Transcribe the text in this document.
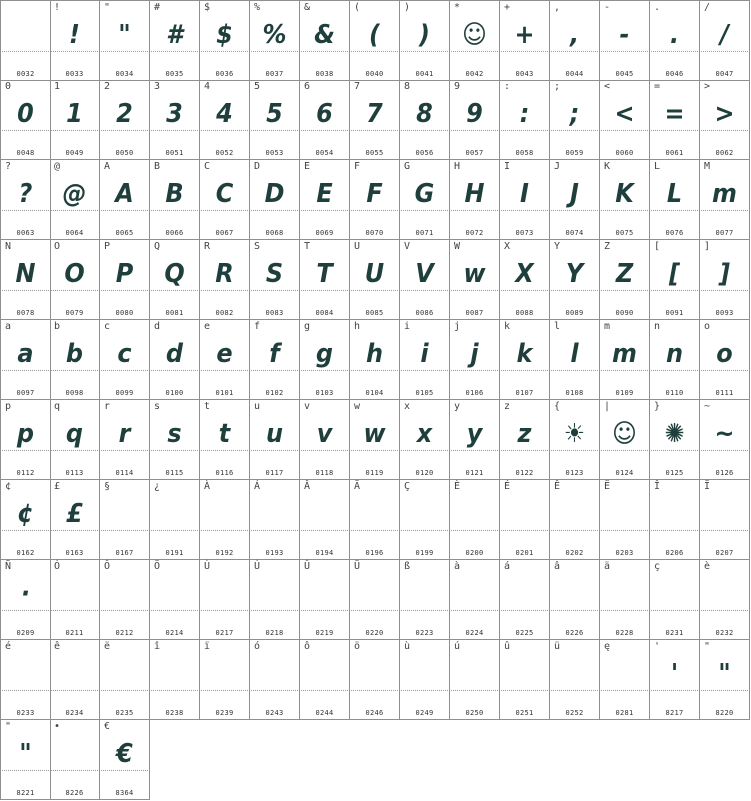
0032
!
!
0033
"
"
0034
#
#
0035
$
$
0036
%
%
0037
&
&
0038
(
(
0040
)
)
0041
*
☺
0042
+
+
0043
,
,
0044
-
-
0045
.
.
0046
/
/
0047
0
0
0048
1
1
0049
2
2
0050
3
3
0051
4
4
0052
5
5
0053
6
6
0054
7
7
0055
8
8
0056
9
9
0057
:
:
0058
;
;
0059
<
<
0060
=
=
0061
>
>
0062
?
?
0063
@
@
0064
A
A
0065
B
B
0066
C
C
0067
D
D
0068
E
E
0069
F
F
0070
G
G
0071
H
H
0072
I
I
0073
J
J
0074
K
K
0075
L
L
0076
M
m
0077
N
N
0078
O
O
0079
P
P
0080
Q
Q
0081
R
R
0082
S
S
0083
T
T
0084
U
U
0085
V
V
0086
W
w
0087
X
X
0088
Y
Y
0089
Z
Z
0090
[
[
0091
]
]
0093
a
a
0097
b
b
0098
c
c
0099
d
d
0100
e
e
0101
f
f
0102
g
g
0103
h
h
0104
i
i
0105
j
j
0106
k
k
0107
l
l
0108
m
m
0109
n
n
0110
o
o
0111
p
p
0112
q
q
0113
r
r
0114
s
s
0115
t
t
0116
u
u
0117
v
v
0118
w
w
0119
x
x
0120
y
y
0121
z
z
0122
{
☀
0123
|
☺
0124
}
✺
0125
~
~
0126
¢
¢
0162
£
£
0163
§
0167
¿
0191
À
0192
Á
0193
Â
0194
Ä
0196
Ç
0199
È
0200
É
0201
Ê
0202
Ë
0203
Î
0206
Ï
0207
Ñ
·
0209
Ó
0211
Ô
0212
Ö
0214
Ù
0217
Ú
0218
Û
0219
Ü
0220
ß
0223
à
0224
á
0225
â
0226
ä
0228
ç
0231
è
0232
é
0233
ê
0234
ë
0235
î
0238
ï
0239
ó
0243
ô
0244
ö
0246
ù
0249
ú
0250
û
0251
ü
0252
ę
0281
'
'
8217
"
"
8220
"
"
8221
•
8226
€
€
8364
